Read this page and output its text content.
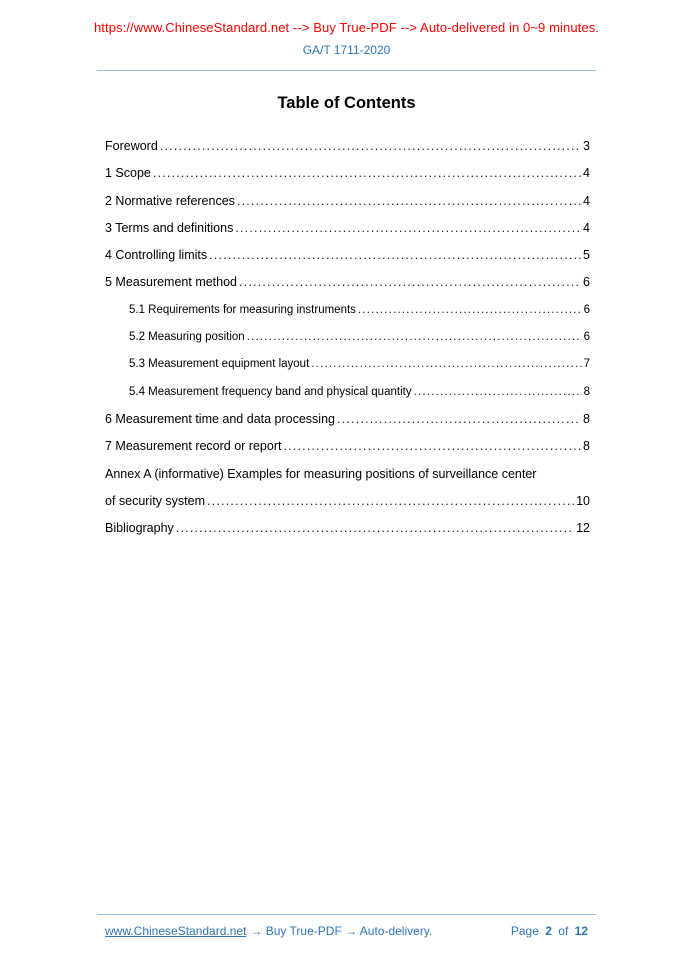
https://www.ChineseStandard.net --> Buy True-PDF --> Auto-delivered in 0~9 minutes.
GA/T 1711-2020
Table of Contents
Foreword .....	3
1 Scope .....	4
2 Normative references .....	4
3 Terms and definitions .....	4
4 Controlling limits .....	5
5 Measurement method .....	6
5.1 Requirements for measuring instruments .....	6
5.2 Measuring position .....	6
5.3 Measurement equipment layout .....	7
5.4 Measurement frequency band and physical quantity .....	8
6 Measurement time and data processing .....	8
7 Measurement record or report .....	8
Annex A (informative) Examples for measuring positions of surveillance center
of security system .....	10
Bibliography .....	12
www.ChineseStandard.net → Buy True-PDF → Auto-delivery.	Page 2 of 12
